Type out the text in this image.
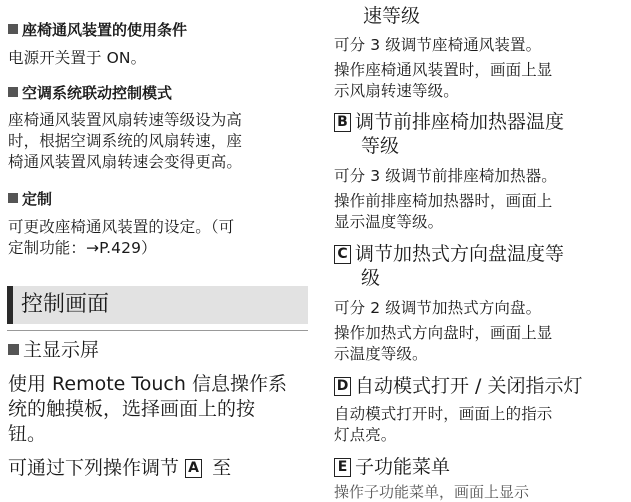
座椅通风装置的使用条件
电源开关置于 ON。
空调系统联动控制模式
座椅通风装置风扇转速等级设为高
时，根据空调系统的风扇转速，座
椅通风装置风扇转速会变得更高。
定制
可更改座椅通风装置的设定。（可
定制功能：→P.429）
控制画面
主显示屏
使用 Remote Touch 信息操作系
统的触摸板，选择画面上的按
钮。
可通过下列操作调节 A 至
速等级
可分 3 级调节座椅通风装置。
操作座椅通风装置时，画面上显
示风扇转速等级。
B 调节前排座椅加热器温度
等级
可分 3 级调节前排座椅加热器。
操作前排座椅加热器时，画面上
显示温度等级。
C 调节加热式方向盘温度等
级
可分 2 级调节加热式方向盘。
操作加热式方向盘时，画面上显
示温度等级。
D 自动模式打开 / 关闭指示灯
自动模式打开时，画面上的指示
灯点亮。
E 子功能菜单
操作子功能菜单，画面上显示
